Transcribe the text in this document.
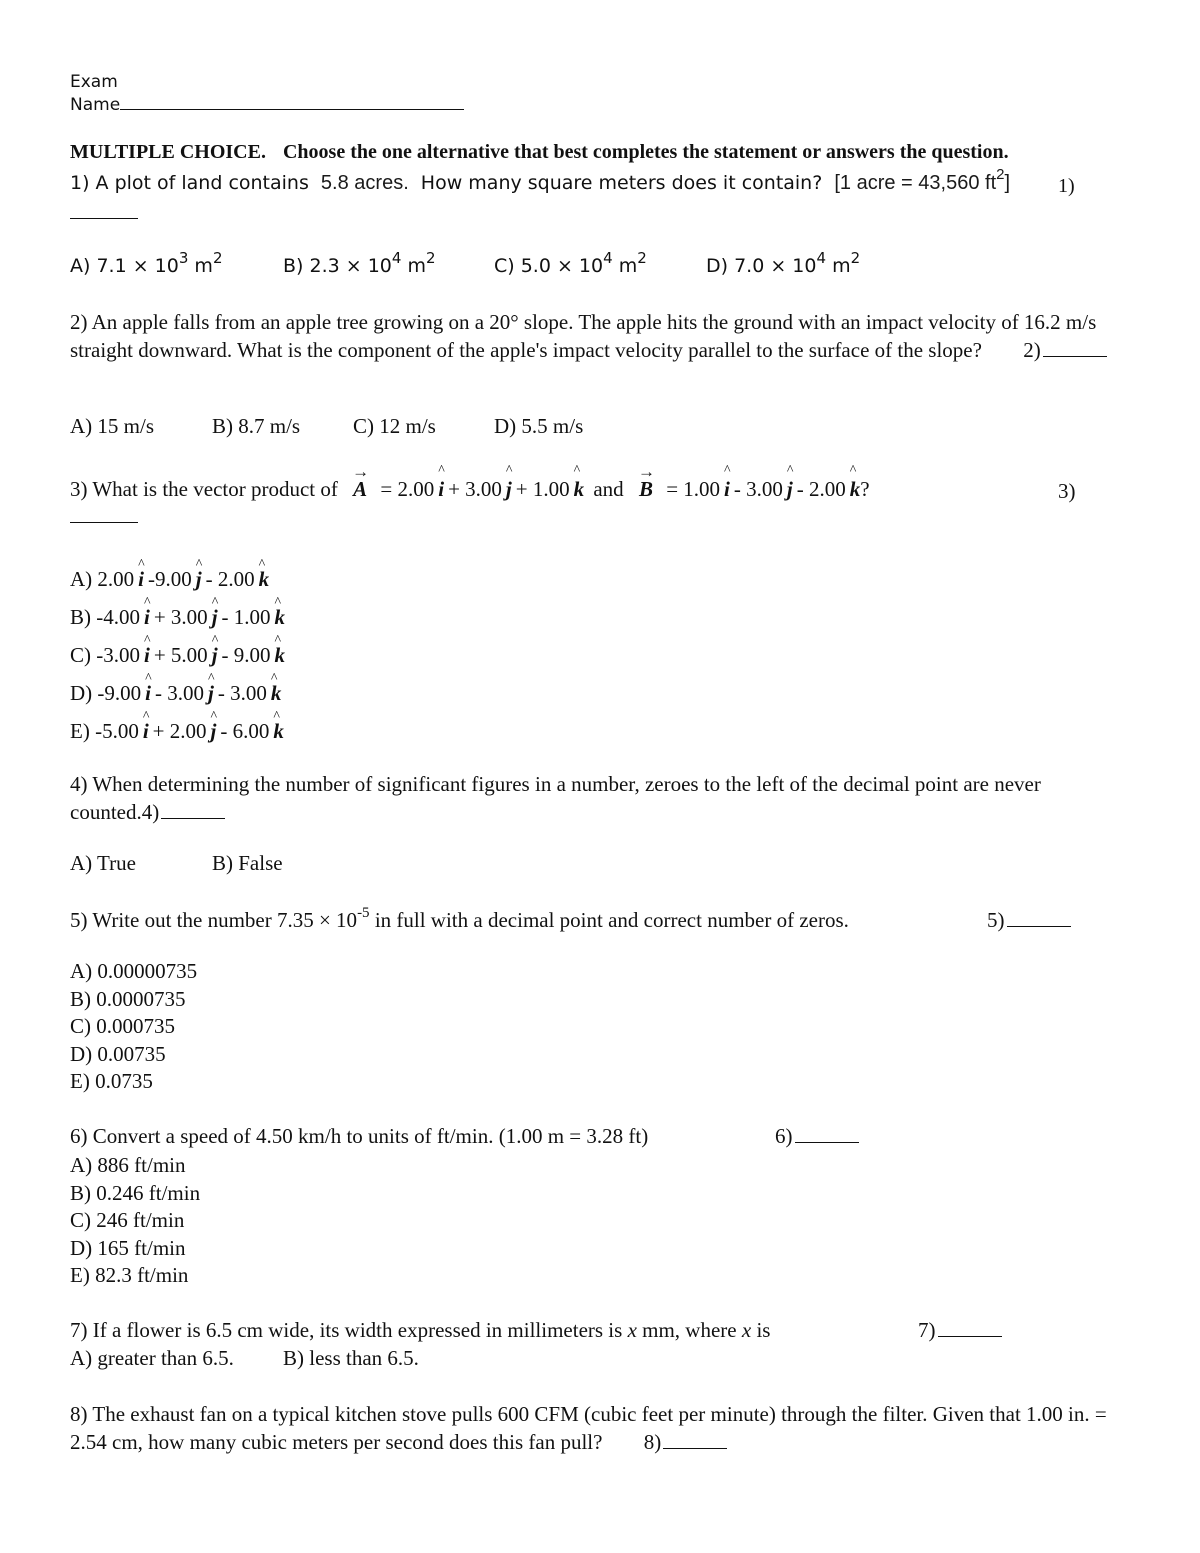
Exam
Name
MULTIPLE CHOICE. Choose the one alternative that best completes the statement or answers the question.
1) A plot of land contains 5.8 acres. How many square meters does it contain? [1 acre = 43,560 $ft^2$] 1)
A) $7.1 \times 10^3$ $m^2$	B) $2.3 \times 10^4$ $m^2$	C) $5.0 \times 10^4$ $m^2$	D) $7.0 \times 10^4$ $m^2$
2) An apple falls from an apple tree growing on a 20° slope. The apple hits the ground with an impact velocity of 16.2 m/s straight downward. What is the component of the apple's impact velocity parallel to the surface of the slope? 2)
A) 15 m/s	B) 8.7 m/s	C) 12 m/s	D) 5.5 m/s
3) What is the vector product of → A = 2.00 ^ i + 3.00 ^ j + 1.00 ^ k and → B = 1.00 ^ i - 3.00 ^ j - 2.00 ^ k?	3)
A) 2.00 ^ i -9.00 ^ j - 2.00 ^ k
B) -4.00 ^ i + 3.00 ^ j - 1.00 ^ k
C) -3.00 ^ i + 5.00 ^ j - 9.00 ^ k
D) -9.00 ^ i - 3.00 ^ j - 3.00 ^ k
E) -5.00 ^ i + 2.00 ^ j - 6.00 ^ k
4) When determining the number of significant figures in a number, zeroes to the left of the decimal point are never counted.4)
A) True	B) False
5) Write out the number $7.35 \times 10^{-5}$ in full with a decimal point and correct number of zeros.	5)
A) 0.00000735
B) 0.0000735
C) 0.000735
D) 0.00735
E) 0.0735
6) Convert a speed of 4.50 km/h to units of ft/min. (1.00 m = 3.28 ft)	6)
A) 886 ft/min
B) 0.246 ft/min
C) 246 ft/min
D) 165 ft/min
E) 82.3 ft/min
7) If a flower is 6.5 cm wide, its width expressed in millimeters is x mm, where x is	7)
A) greater than 6.5. B) less than 6.5.
8) The exhaust fan on a typical kitchen stove pulls 600 CFM (cubic feet per minute) through the filter. Given that 1.00 in. = 2.54 cm, how many cubic meters per second does this fan pull? 8)
